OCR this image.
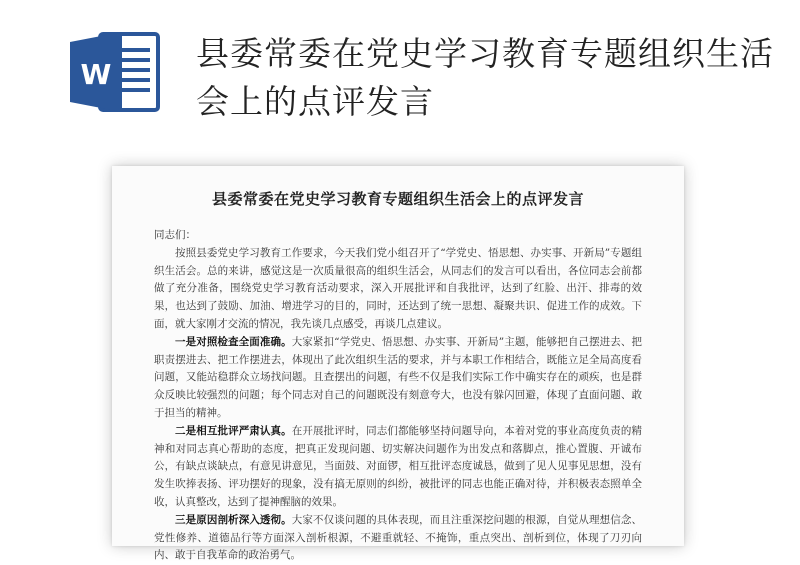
W
县委常委在党史学习教育专题组织生活会上的点评发言
县委常委在党史学习教育专题组织生活会上的点评发言

同志们：

按照县委党史学习教育工作要求，今天我们党小组召开了“学党史、悟思想、办实事、开新局”专题组织生活会。总的来讲，感觉这是一次质量很高的组织生活会，从同志们的发言可以看出，各位同志会前都做了充分准备，围绕党史学习教育活动要求，深入开展批评和自我批评，达到了红脸、出汗、排毒的效果，也达到了鼓励、加油、增进学习的目的，同时，还达到了统一思想、凝聚共识、促进工作的成效。下面，就大家刚才交流的情况，我先谈几点感受，再谈几点建议。

一是对照检查全面准确。大家紧扣“学党史、悟思想、办实事、开新局”主题，能够把自己摆进去、把职责摆进去、把工作摆进去，体现出了此次组织生活的要求，并与本职工作相结合，既能立足全局高度看问题，又能站稳群众立场找问题。且查摆出的问题，有些不仅是我们实际工作中确实存在的顽疾，也是群众反映比较强烈的问题；每个同志对自己的问题既没有刻意夸大，也没有躲闪回避，体现了直面问题、敢于担当的精神。

二是相互批评严肃认真。在开展批评时，同志们都能够坚持问题导向，本着对党的事业高度负责的精神和对同志真心帮助的态度，把真正发现问题、切实解决问题作为出发点和落脚点，推心置腹、开诚布公，有缺点谈缺点，有意见讲意见，当面鼓、对面锣，相互批评态度诚恳，做到了见人见事见思想，没有发生吹捧表扬、评功摆好的现象，没有搞无原则的纠纷，被批评的同志也能正确对待，并积极表态照单全收，认真整改，达到了提神醒脑的效果。

三是原因剖析深入透彻。大家不仅谈问题的具体表现，而且注重深挖问题的根源，自觉从理想信念、党性修养、道德品行等方面深入剖析根源，不避重就轻、不掩饰，重点突出、剖析到位，体现了刀刃向内、敢于自我革命的政治勇气。
